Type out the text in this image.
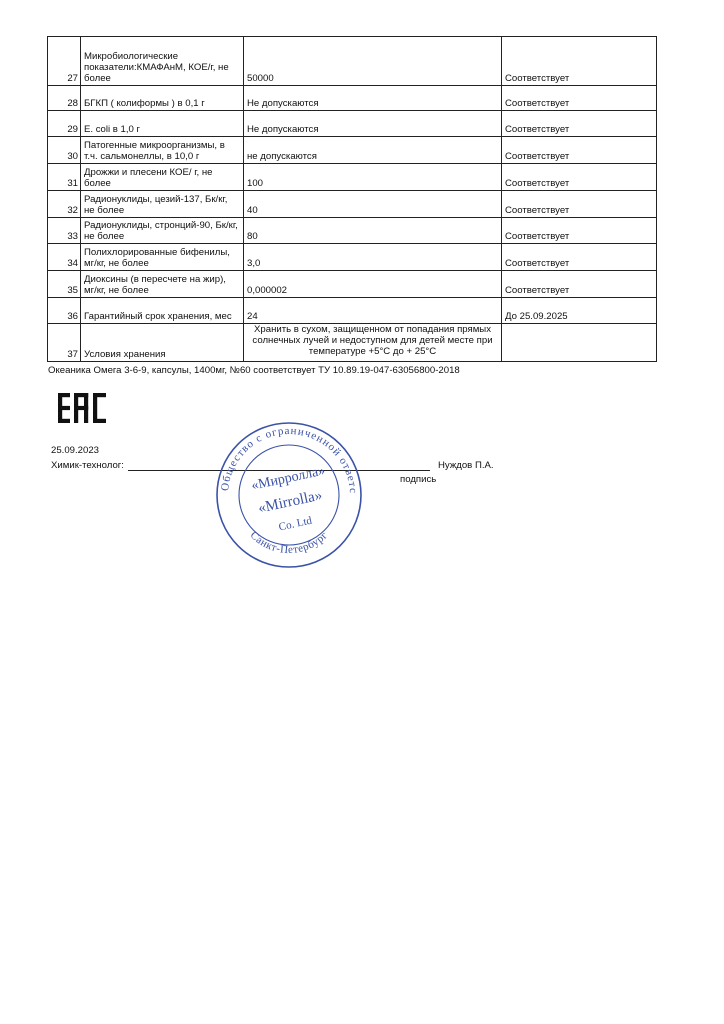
27	Микробиологические показатели:КМАФАнМ, КОЕ/г, не более	50000	Соответствует
28	БГКП ( колиформы ) в 0,1 г	Не допускаются	Соответствует
29	E. coli в 1,0 г	Не допускаются	Соответствует
30	Патогенные микроорганизмы, в т.ч. сальмонеллы, в 10,0 г	не допускаются	Соответствует
31	Дрожжи и плесени КОЕ/ г, не более	100	Соответствует
32	Радионуклиды, цезий-137, Бк/кг, не более	40	Соответствует
33	Радионуклиды, стронций-90, Бк/кг, не более	80	Соответствует
34	Полихлорированные бифенилы, мг/кг, не более	3,0	Соответствует
35	Диоксины (в пересчете на жир), мг/кг, не более	0,000002	Соответствует
36	Гарантийный срок хранения, мес	24	До 25.09.2025
37	Условия хранения	Хранить в сухом, защищенном от попадания прямых солнечных лучей и недоступном для детей месте при температуре +5°С до + 25°С	
Океаника Омега 3-6-9, капсулы, 1400мг, №60 соответствует ТУ 10.89.19-047-63056800-2018
25.09.2023
Химик-технолог:	Нуждов П.А.
подпись
Общество с ограниченной ответс
Санкт-Петербург
«Мирролла»
«Mirrolla»
Co. Ltd
